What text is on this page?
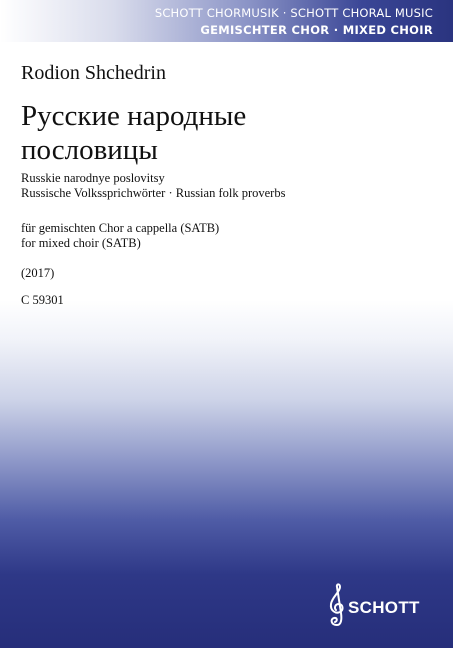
SCHOTT CHORMUSIK · SCHOTT CHORAL MUSIC
GEMISCHTER CHOR · MIXED CHOIR
Rodion Shchedrin
Русские народные
пословицы
Russkie narodnye poslovitsy
Russische Volkssprichwörter · Russian folk proverbs
für gemischten Chor a cappella (SATB)
for mixed choir (SATB)
(2017)
C 59301
SCHOTT
